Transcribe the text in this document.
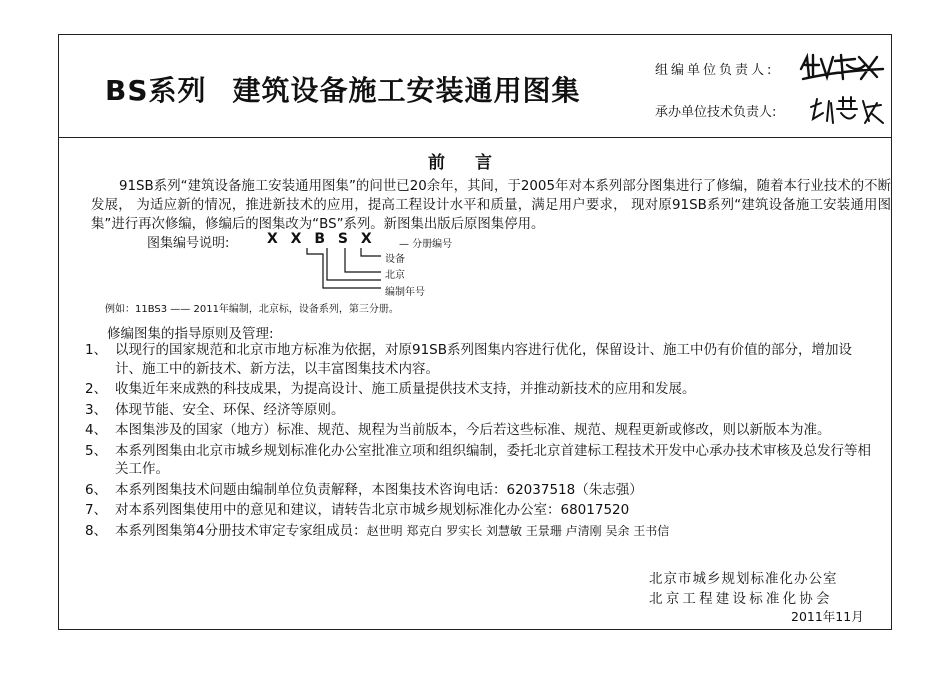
BS系列 建筑设备施工安装通用图集
组编单位负责人:
承办单位技术负责人:
前言

91SB系列“建筑设备施工安装通用图集”的问世已20余年，其间，于2005年对本系列部分图集进行了修编，随着本行业技术的不断发展， 为适应新的情况，推进新技术的应用，提高工程设计水平和质量，满足用户要求， 现对原91SB系列“建筑设备施工安装通用图集”进行再次修编，修编后的图集改为“BS”系列。新图集出版后原图集停用。

图集编号说明:	X X B S X — 分册编号
设备
北京
编制年号
例如：11BS3 —— 2011年编制，北京标，设备系列，第三分册。
修编图集的指导原则及管理:
1、 以现行的国家规范和北京市地方标准为依据，对原91SB系列图集内容进行优化，保留设计、施工中仍有价值的部分，增加设计、施工中的新技术、新方法，以丰富图集技术内容。
2、 收集近年来成熟的科技成果，为提高设计、施工质量提供技术支持，并推动新技术的应用和发展。
3、 体现节能、安全、环保、经济等原则。
4、 本图集涉及的国家（地方）标准、规范、规程为当前版本，今后若这些标准、规范、规程更新或修改，则以新版本为准。
5、 本系列图集由北京市城乡规划标准化办公室批准立项和组织编制，委托北京首建标工程技术开发中心承办技术审核及总发行等相关工作。
6、 本系列图集技术问题由编制单位负责解释，本图集技术咨询电话：62037518（朱志强）
7、 对本系列图集使用中的意见和建议，请转告北京市城乡规划标准化办公室：68017520
8、 本系列图集第4分册技术审定专家组成员：赵世明 郑克白 罗实长 刘慧敏 王景珊 卢清刚 吴余 王书信
北京市城乡规划标准化办公室
北京工程建设标准化协会
2011年11月
